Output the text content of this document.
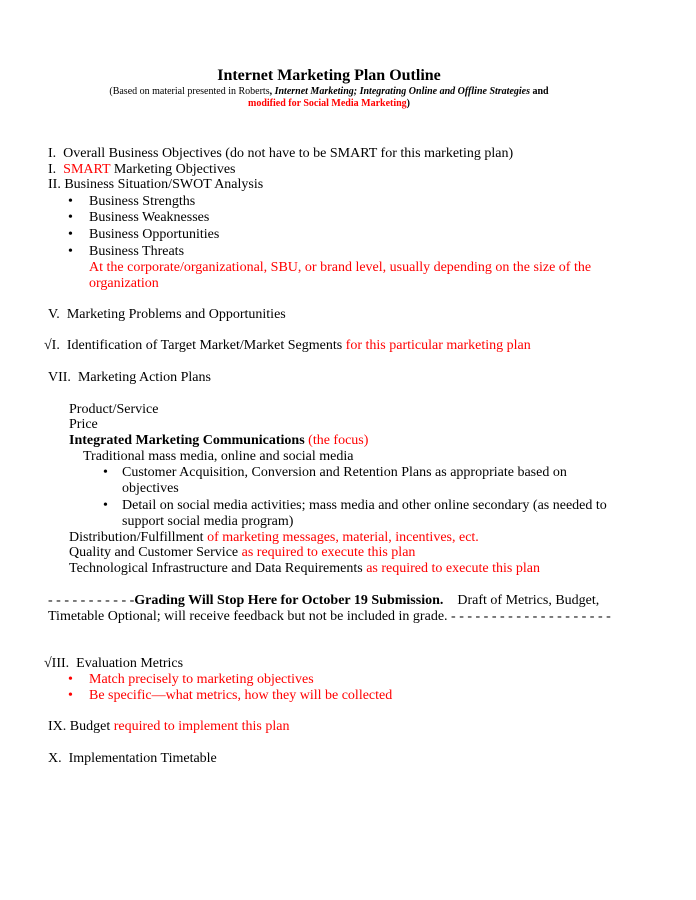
Internet Marketing Plan Outline
(Based on material presented in Roberts, Internet Marketing; Integrating Online and Offline Strategies and
modified for Social Media Marketing)
I. Overall Business Objectives (do not have to be SMART for this marketing plan)
I. SMART Marketing Objectives
II. Business Situation/SWOT Analysis
• Business Strengths
• Business Weaknesses
• Business Opportunities
• Business Threats
At the corporate/organizational, SBU, or brand level, usually depending on the size of the
organization
V. Marketing Problems and Opportunities
√I. Identification of Target Market/Market Segments for this particular marketing plan
VII. Marketing Action Plans
Product/Service
Price
Integrated Marketing Communications (the focus)
Traditional mass media, online and social media
• Customer Acquisition, Conversion and Retention Plans as appropriate based on
objectives
• Detail on social media activities; mass media and other online secondary (as needed to
support social media program)
Distribution/Fulfillment of marketing messages, material, incentives, ect.
Quality and Customer Service as required to execute this plan
Technological Infrastructure and Data Requirements as required to execute this plan
- - - - - - - - - - -Grading Will Stop Here for October 19 Submission.    Draft of Metrics, Budget,
Timetable Optional; will receive feedback but not be included in grade. - - - - - - - - - - - - - - - - - - - -
√III. Evaluation Metrics
• Match precisely to marketing objectives
• Be specific—what metrics, how they will be collected
IX. Budget required to implement this plan
X. Implementation Timetable
